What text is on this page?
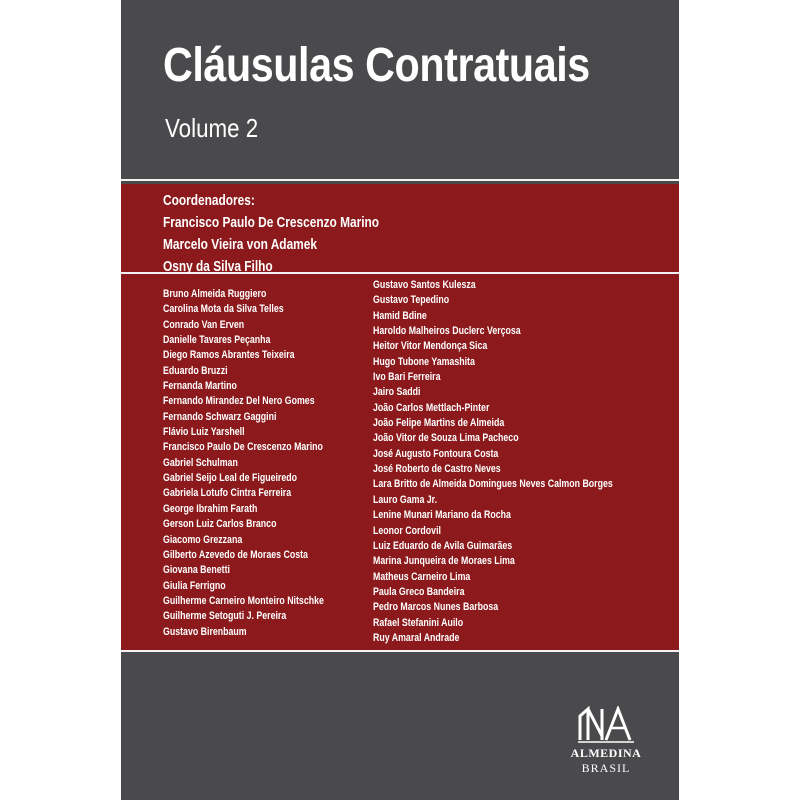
Cláusulas Contratuais
Volume 2
Coordenadores:
Francisco Paulo De Crescenzo Marino
Marcelo Vieira von Adamek
Osny da Silva Filho
Bruno Almeida Ruggiero
Carolina Mota da Silva Telles
Conrado Van Erven
Danielle Tavares Peçanha
Diego Ramos Abrantes Teixeira
Eduardo Bruzzi
Fernanda Martino
Fernando Mirandez Del Nero Gomes
Fernando Schwarz Gaggini
Flávio Luiz Yarshell
Francisco Paulo De Crescenzo Marino
Gabriel Schulman
Gabriel Seijo Leal de Figueiredo
Gabriela Lotufo Cintra Ferreira
George Ibrahim Farath
Gerson Luiz Carlos Branco
Giacomo Grezzana
Gilberto Azevedo de Moraes Costa
Giovana Benetti
Giulia Ferrigno
Guilherme Carneiro Monteiro Nitschke
Guilherme Setoguti J. Pereira
Gustavo Birenbaum
Gustavo Santos Kulesza
Gustavo Tepedino
Hamid Bdine
Haroldo Malheiros Duclerc Verçosa
Heitor Vitor Mendonça Sica
Hugo Tubone Yamashita
Ivo Bari Ferreira
Jairo Saddi
João Carlos Mettlach-Pinter
João Felipe Martins de Almeida
João Vitor de Souza Lima Pacheco
José Augusto Fontoura Costa
José Roberto de Castro Neves
Lara Britto de Almeida Domingues Neves Calmon Borges
Lauro Gama Jr.
Lenine Munari Mariano da Rocha
Leonor Cordovil
Luiz Eduardo de Avila Guimarães
Marina Junqueira de Moraes Lima
Matheus Carneiro Lima
Paula Greco Bandeira
Pedro Marcos Nunes Barbosa
Rafael Stefanini Auilo
Ruy Amaral Andrade
ALMEDINA
BRASIL
